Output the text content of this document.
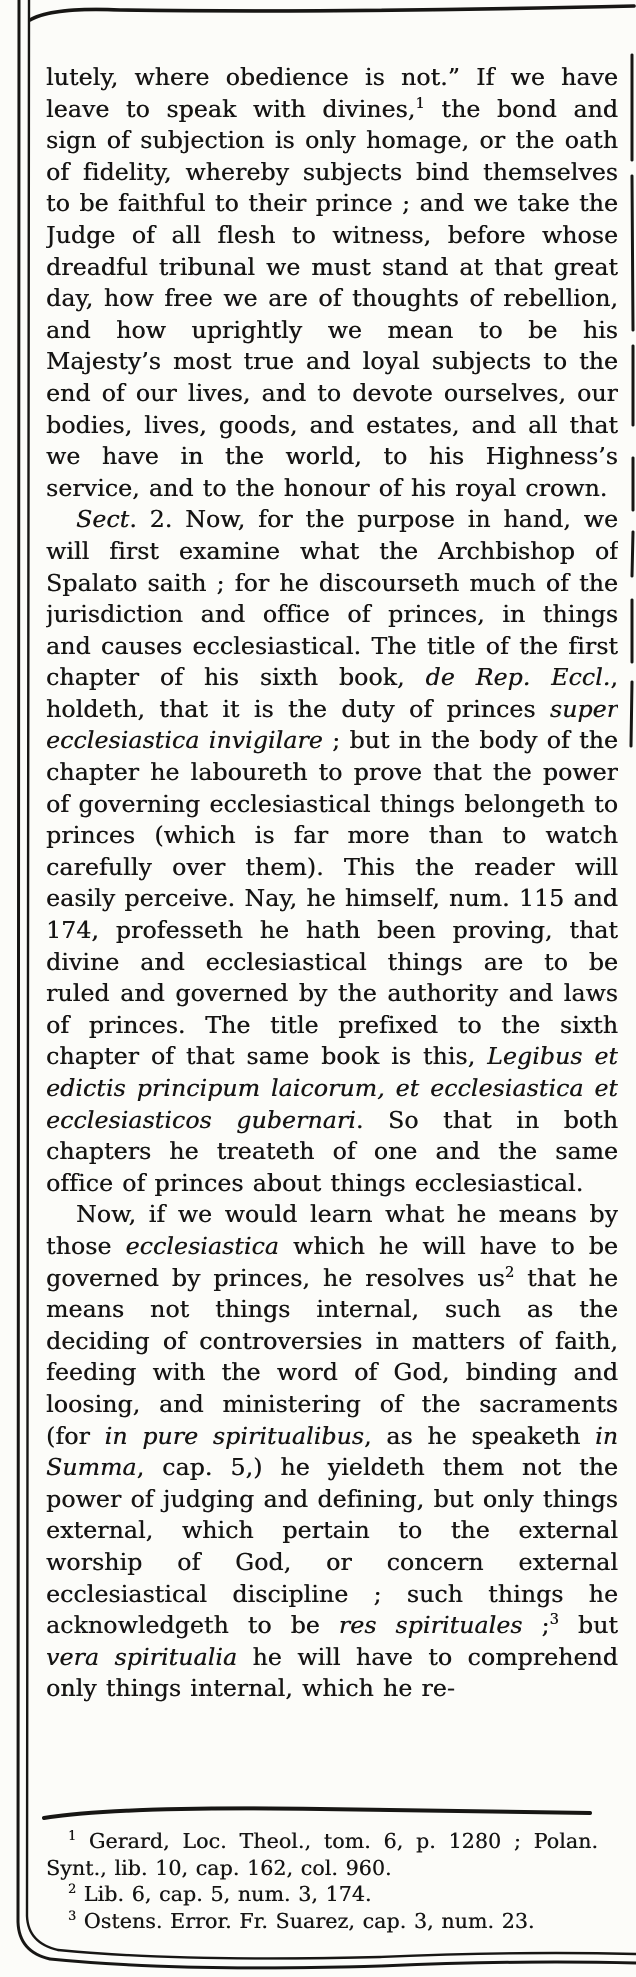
lutely, where obedience is not.” If we have leave to speak with divines,$^1$ the bond and sign of subjection is only homage, or the oath of fidelity, whereby subjects bind themselves to be faithful to their prince ; and we take the Judge of all flesh to witness, before whose dreadful tribunal we must stand at that great day, how free we are of thoughts of rebellion, and how uprightly we mean to be his Majesty’s most true and loyal subjects to the end of our lives, and to devote ourselves, our bodies, lives, goods, and estates, and all that we have in the world, to his Highness’s service, and to the honour of his royal crown.

Sect. 2. Now, for the purpose in hand, we will first examine what the Archbishop of Spalato saith ; for he discourseth much of the jurisdiction and office of princes, in things and causes ecclesiastical. The title of the first chapter of his sixth book, de Rep. Eccl., holdeth, that it is the duty of princes super ecclesiastica invigilare ; but in the body of the chapter he laboureth to prove that the power of governing ecclesiastical things belongeth to princes (which is far more than to watch carefully over them). This the reader will easily perceive. Nay, he himself, num. 115 and 174, professeth he hath been proving, that divine and ecclesiastical things are to be ruled and governed by the authority and laws of princes. The title prefixed to the sixth chapter of that same book is this, Legibus et edictis principum laicorum, et ecclesiastica et ecclesiasticos gubernari. So that in both chapters he treateth of one and the same office of princes about things ecclesiastical.

Now, if we would learn what he means by those ecclesiastica which he will have to be governed by princes, he resolves $us^2$ that he means not things internal, such as the deciding of controversies in matters of faith, feeding with the word of God, binding and loosing, and ministering of the sacraments (for in pure spiritualibus, as he speaketh in Summa, cap. 5,) he yieldeth them not the power of judging and defining, but only things external, which pertain to the external worship of God, or concern external ecclesiastical discipline ; such things he acknowledgeth to be res spirituales ;$^3$ but vera spiritualia he will have to comprehend only things internal, which he re-

$^1$ Gerard, Loc. Theol., tom. 6, p. 1280 ; Polan. Synt., lib. 10, cap. 162, col. 960.

$^2$ Lib. 6, cap. 5, num. 3, 174.

$^3$ Ostens. Error. Fr. Suarez, cap. 3, num. 23.
